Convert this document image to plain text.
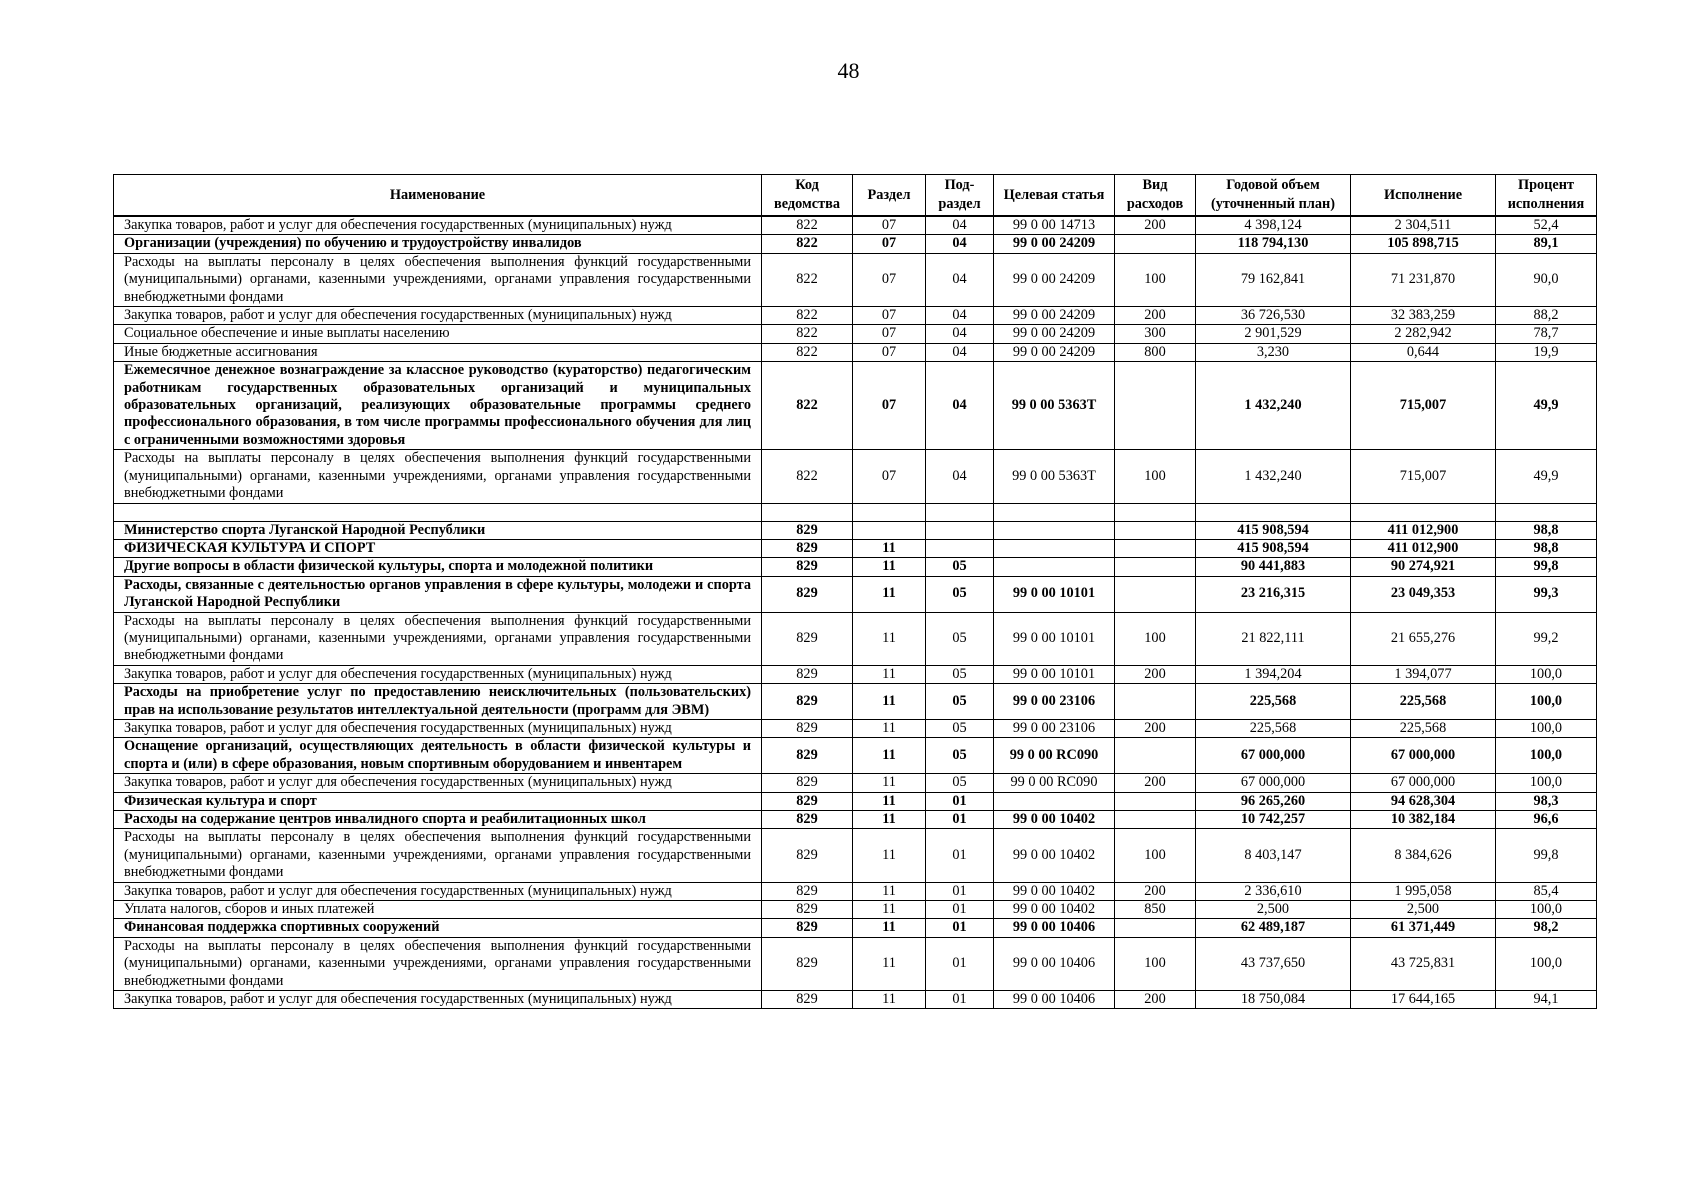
48
Наименование	Код ведомства	Раздел	Под-раздел	Целевая статья	Вид расходов	Годовой объем (уточненный план)	Исполнение	Процент исполнения
Закупка товаров, работ и услуг для обеспечения государственных (муниципальных) нужд	822	07	04	99 0 00 14713	200	4 398,124	2 304,511	52,4
Организации (учреждения) по обучению и трудоустройству инвалидов	822	07	04	99 0 00 24209		118 794,130	105 898,715	89,1
Расходы на выплаты персоналу в целях обеспечения выполнения функций государственными (муниципальными) органами, казенными учреждениями, органами управления государственными внебюджетными фондами	822	07	04	99 0 00 24209	100	79 162,841	71 231,870	90,0
Закупка товаров, работ и услуг для обеспечения государственных (муниципальных) нужд	822	07	04	99 0 00 24209	200	36 726,530	32 383,259	88,2
Социальное обеспечение и иные выплаты населению	822	07	04	99 0 00 24209	300	2 901,529	2 282,942	78,7
Иные бюджетные ассигнования	822	07	04	99 0 00 24209	800	3,230	0,644	19,9
Ежемесячное денежное вознаграждение за классное руководство (кураторство) педагогическим работникам государственных образовательных организаций и муниципальных образовательных организаций, реализующих образовательные программы среднего профессионального образования, в том числе программы профессионального обучения для лиц с ограниченными возможностями здоровья	822	07	04	99 0 00 5363Т		1 432,240	715,007	49,9
Расходы на выплаты персоналу в целях обеспечения выполнения функций государственными (муниципальными) органами, казенными учреждениями, органами управления государственными внебюджетными фондами	822	07	04	99 0 00 5363Т	100	1 432,240	715,007	49,9

Министерство спорта Луганской Народной Республики	829					415 908,594	411 012,900	98,8
ФИЗИЧЕСКАЯ КУЛЬТУРА И СПОРТ	829	11				415 908,594	411 012,900	98,8
Другие вопросы в области физической культуры, спорта и молодежной политики	829	11	05			90 441,883	90 274,921	99,8
Расходы, связанные с деятельностью органов управления в сфере культуры, молодежи и спорта Луганской Народной Республики	829	11	05	99 0 00 10101		23 216,315	23 049,353	99,3
Расходы на выплаты персоналу в целях обеспечения выполнения функций государственными (муниципальными) органами, казенными учреждениями, органами управления государственными внебюджетными фондами	829	11	05	99 0 00 10101	100	21 822,111	21 655,276	99,2
Закупка товаров, работ и услуг для обеспечения государственных (муниципальных) нужд	829	11	05	99 0 00 10101	200	1 394,204	1 394,077	100,0
Расходы на приобретение услуг по предоставлению неисключительных (пользовательских) прав на использование результатов интеллектуальной деятельности (программ для ЭВМ)	829	11	05	99 0 00 23106		225,568	225,568	100,0
Закупка товаров, работ и услуг для обеспечения государственных (муниципальных) нужд	829	11	05	99 0 00 23106	200	225,568	225,568	100,0
Оснащение организаций, осуществляющих деятельность в области физической культуры и спорта и (или) в сфере образования, новым спортивным оборудованием и инвентарем	829	11	05	99 0 00 RC090		67 000,000	67 000,000	100,0
Закупка товаров, работ и услуг для обеспечения государственных (муниципальных) нужд	829	11	05	99 0 00 RC090	200	67 000,000	67 000,000	100,0
Физическая культура и спорт	829	11	01			96 265,260	94 628,304	98,3
Расходы на содержание центров инвалидного спорта и реабилитационных школ	829	11	01	99 0 00 10402		10 742,257	10 382,184	96,6
Расходы на выплаты персоналу в целях обеспечения выполнения функций государственными (муниципальными) органами, казенными учреждениями, органами управления государственными внебюджетными фондами	829	11	01	99 0 00 10402	100	8 403,147	8 384,626	99,8
Закупка товаров, работ и услуг для обеспечения государственных (муниципальных) нужд	829	11	01	99 0 00 10402	200	2 336,610	1 995,058	85,4
Уплата налогов, сборов и иных платежей	829	11	01	99 0 00 10402	850	2,500	2,500	100,0
Финансовая поддержка спортивных сооружений	829	11	01	99 0 00 10406		62 489,187	61 371,449	98,2
Расходы на выплаты персоналу в целях обеспечения выполнения функций государственными (муниципальными) органами, казенными учреждениями, органами управления государственными внебюджетными фондами	829	11	01	99 0 00 10406	100	43 737,650	43 725,831	100,0
Закупка товаров, работ и услуг для обеспечения государственных (муниципальных) нужд	829	11	01	99 0 00 10406	200	18 750,084	17 644,165	94,1
